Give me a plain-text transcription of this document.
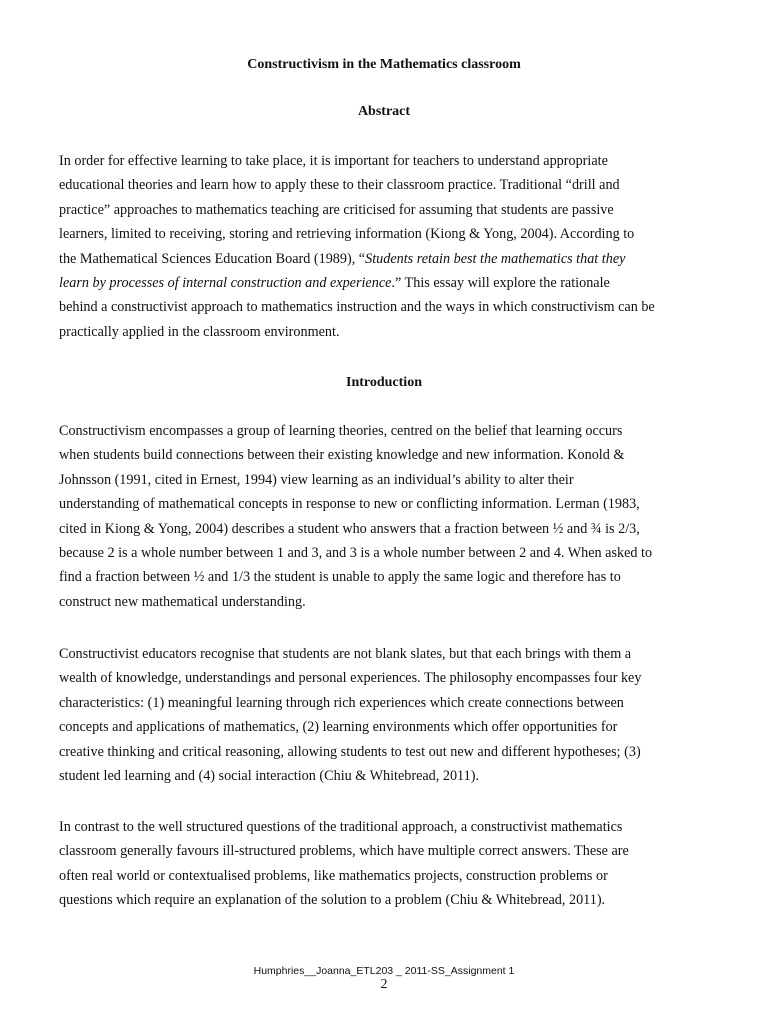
Constructivism in the Mathematics classroom
Abstract
In order for effective learning to take place, it is important for teachers to understand appropriate
educational theories and learn how to apply these to their classroom practice. Traditional “drill and
practice” approaches to mathematics teaching are criticised for assuming that students are passive
learners, limited to receiving, storing and retrieving information (Kiong & Yong, 2004). According to
the Mathematical Sciences Education Board (1989), “Students retain best the mathematics that they
learn by processes of internal construction and experience.” This essay will explore the rationale
behind a constructivist approach to mathematics instruction and the ways in which constructivism can be
practically applied in the classroom environment.
Introduction
Constructivism encompasses a group of learning theories, centred on the belief that learning occurs
when students build connections between their existing knowledge and new information. Konold &
Johnsson (1991, cited in Ernest, 1994) view learning as an individual’s ability to alter their
understanding of mathematical concepts in response to new or conflicting information. Lerman (1983,
cited in Kiong & Yong, 2004) describes a student who answers that a fraction between ½ and ¾ is 2/3,
because 2 is a whole number between 1 and 3, and 3 is a whole number between 2 and 4. When asked to
find a fraction between ½ and 1/3 the student is unable to apply the same logic and therefore has to
construct new mathematical understanding.
Constructivist educators recognise that students are not blank slates, but that each brings with them a
wealth of knowledge, understandings and personal experiences. The philosophy encompasses four key
characteristics: (1) meaningful learning through rich experiences which create connections between
concepts and applications of mathematics, (2) learning environments which offer opportunities for
creative thinking and critical reasoning, allowing students to test out new and different hypotheses; (3)
student led learning and (4) social interaction (Chiu & Whitebread, 2011).
In contrast to the well structured questions of the traditional approach, a constructivist mathematics
classroom generally favours ill-structured problems, which have multiple correct answers. These are
often real world or contextualised problems, like mathematics projects, construction problems or
questions which require an explanation of the solution to a problem (Chiu & Whitebread, 2011).
Humphries__Joanna_ETL203 _ 2011-SS_Assignment 1
2
